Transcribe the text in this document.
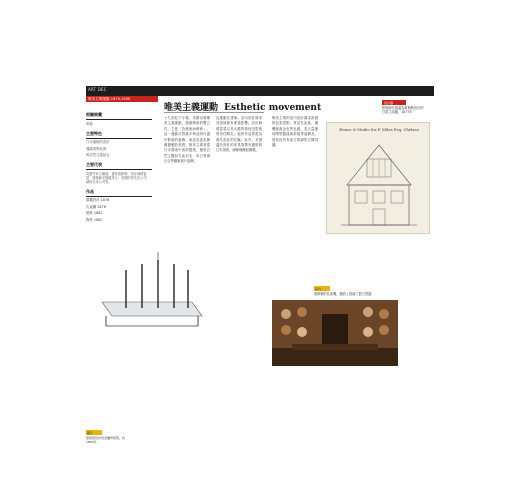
ART DEC
唯美主義運動 1870-1900
相關詞彙
美術
主要特色
日本風格的設計
強調美學品質
與自然元素結合
主要代表
英國作家王爾德、畫家惠斯勒、設計師德雷瑟、建築師戈德溫等人；美國的蒂芙尼公司、赫特兄弟公司等。
作品
書櫃設計 1876
孔雀廳 1876
壁紙 1882
陶瓷 1880
唯美主義運動 Esthetic movement
十九世紀下半葉，英國出現唯美主義運動，強調藝術的獨立性，主張「為藝術而藝術」。這一運動反對維多利亞時代過於繁複的裝飾，而追求更為簡潔優雅的美感。唯美主義者從日本藝術中汲取靈感，運用自然主題如孔雀羽毛、向日葵與百合等圖案進行裝飾。
此運動在建築、室內設計與家具領域都有深遠影響。設計師德雷瑟以其大膽的幾何造型與實用性聞名，他的作品被視為現代設計的先驅。此外，戈德溫所設計的家具則帶有濃厚的日本風格，線條簡潔而優雅。
唯美主義的室內設計講求和諧的色彩搭配，常見孔雀藍、橄欖綠與金色等色調，並大量運用陶瓷器皿與屏風等裝飾品，營造出具有東方情調的空間氛圍。
設計圖
建築師戈德溫為惠斯勒設計的白屋立面圖，1877年
House & Studio for F. Miles Esq. Chelsea
圖片
德雷瑟設計的金屬烤架架，約1880年
室內
惠斯勒的孔雀廳，牆面上掛滿了藍白瓷器
